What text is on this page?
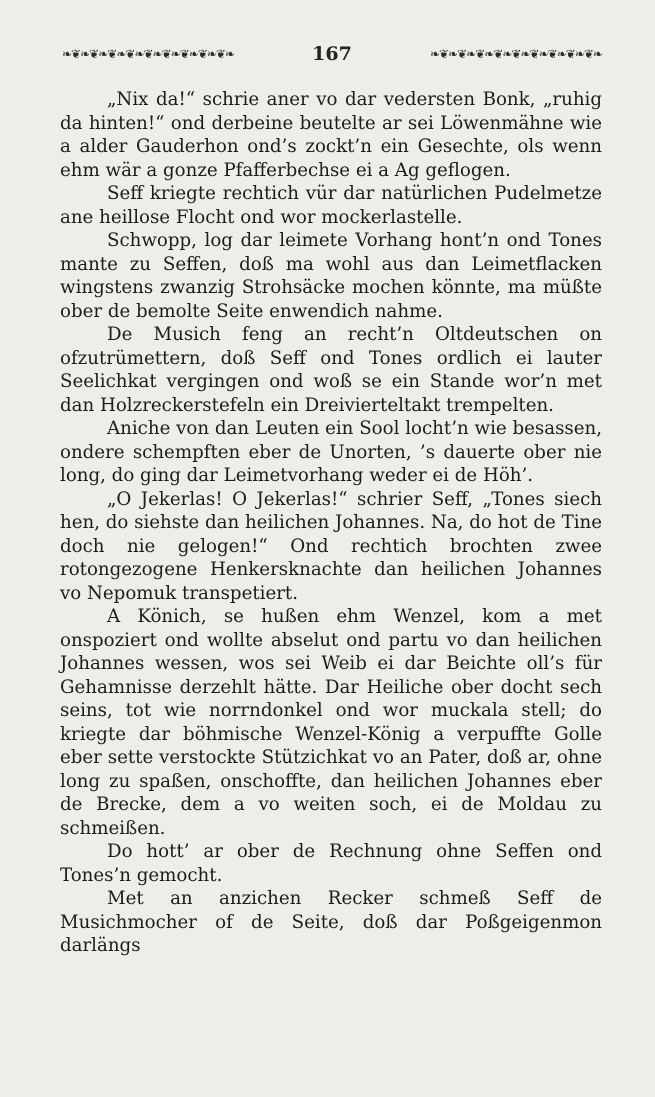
❧❦❧❦❧❦❧❦❧❦❧❦❧❦❧❦❧❦❧	167	❧❦❧❦❧❦❧❦❧❦❧❦❧❦❧❦❧❦❧

„Nix da!“ schrie aner vo dar vedersten Bonk, „ruhig da hinten!“ ond derbeine beutelte ar sei Löwenmähne wie a alder Gauderhon ond’s zockt’n ein Gesechte, ols wenn ehm wär a gonze Pfafferbechse ei a Ag geflogen.

Seff kriegte rechtich vür dar natürlichen Pudelmetze ane heillose Flocht ond wor mockerlastelle.

Schwopp, log dar leimete Vorhang hont’n ond Tones mante zu Seffen, doß ma wohl aus dan Leimetflacken wingstens zwanzig Strohsäcke mochen könnte, ma müßte ober de bemolte Seite enwendich nahme.

De Musich feng an recht’n Oltdeutschen on ofzutrümettern, doß Seff ond Tones ordlich ei lauter Seelichkat vergingen ond woß se ein Stande wor’n met dan Holzreckerstefeln ein Dreivierteltakt trempelten.

Aniche von dan Leuten ein Sool locht’n wie besassen, ondere schempften eber de Unorten, ’s dauerte ober nie long, do ging dar Leimetvorhang weder ei de Höh’.

„O Jekerlas! O Jekerlas!“ schrier Seff, „Tones siech hen, do siehste dan heilichen Johannes. Na, do hot de Tine doch nie gelogen!“ Ond rechtich brochten zwee rotongezogene Henkersknachte dan heilichen Johannes vo Nepomuk transpetiert.

A Könich, se hußen ehm Wenzel, kom a met onspoziert ond wollte abselut ond partu vo dan heilichen Johannes wessen, wos sei Weib ei dar Beichte oll’s für Gehamnisse derzehlt hätte. Dar Heiliche ober docht sech seins, tot wie norrndonkel ond wor muckala stell; do kriegte dar böhmische Wenzel-König a verpuffte Golle eber sette verstockte Stützichkat vo an Pater, doß ar, ohne long zu spaßen, onschoffte, dan heilichen Johannes eber de Brecke, dem a vo weiten soch, ei de Moldau zu schmeißen.

Do hott’ ar ober de Rechnung ohne Seffen ond Tones’n gemocht.

Met an anzichen Recker schmeß Seff de Musichmocher of de Seite, doß dar Poßgeigenmon darlängs
